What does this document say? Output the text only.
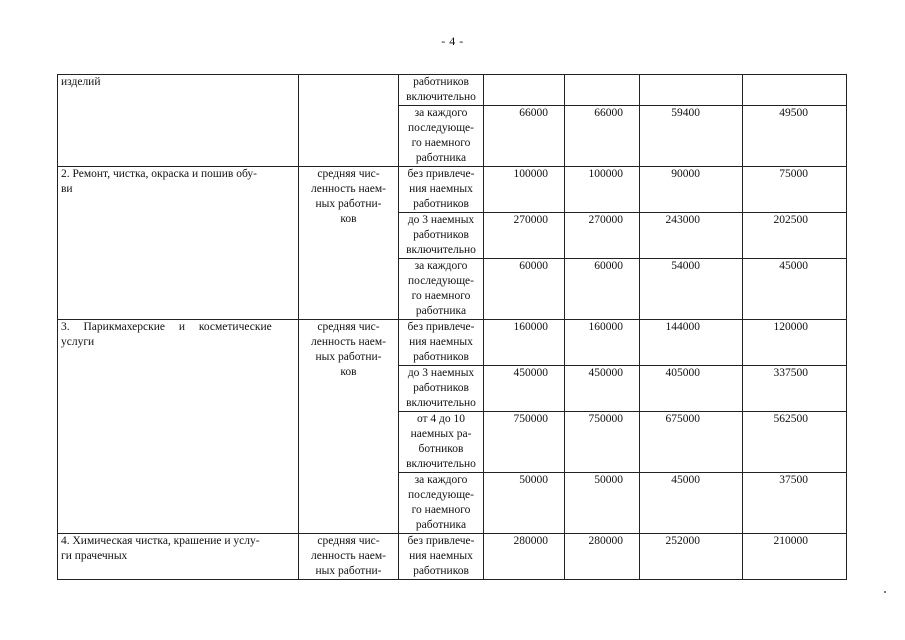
- 4 -
изделий		работников
включительно				

		за каждого
последующе-
го наемного
работника	66000	66000	59400	49500

2. Ремонт, чистка, окраска и пошив обу-
ви	средняя чис-
ленность наем-
ных работни-
ков	без привлече-
ния наемных
работников	100000	100000	90000	75000

		до 3 наемных
работников
включительно	270000	270000	243000	202500

		за каждого
последующе-
го наемного
работника	60000	60000	54000	45000

3. Парикмахерские и косметические
услуги	средняя чис-
ленность наем-
ных работни-
ков	без привлече-
ния наемных
работников	160000	160000	144000	120000

		до 3 наемных
работников
включительно	450000	450000	405000	337500

		от 4 до 10
наемных ра-
ботников
включительно	750000	750000	675000	562500

		за каждого
последующе-
го наемного
работника	50000	50000	45000	37500

4. Химическая чистка, крашение и услу-
ги прачечных	средняя чис-
ленность наем-
ных работни-	без привлече-
ния наемных
работников	280000	280000	252000	210000
